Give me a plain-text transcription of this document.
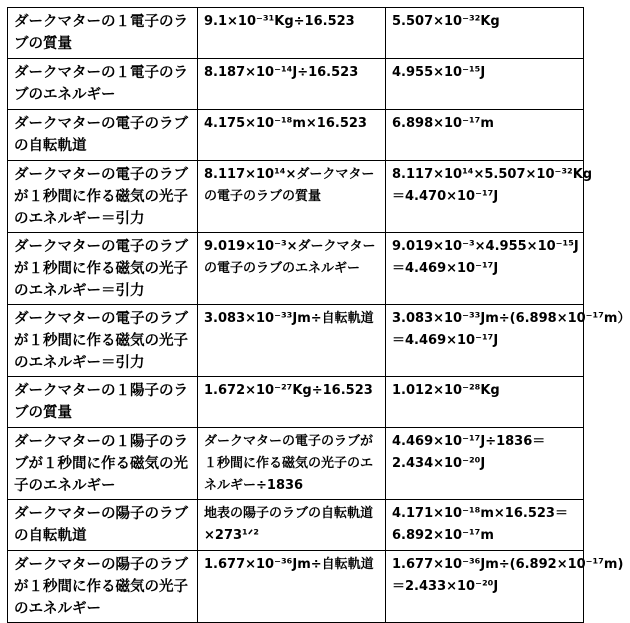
ダークマターの１電子のラブの質量	9.1×10⁻³¹Kg÷16.523	5.507×10⁻³²Kg
ダークマターの１電子のラブのエネルギー	8.187×10⁻¹⁴J÷16.523	4.955×10⁻¹⁵J
ダークマターの電子のラブの自転軌道	4.175×10⁻¹⁸m×16.523	6.898×10⁻¹⁷m
ダークマターの電子のラブが１秒間に作る磁気の光子のエネルギー＝引力	8.117×10¹⁴×ダークマターの電子のラブの質量	8.117×10¹⁴×5.507×10⁻³²Kg＝4.470×10⁻¹⁷J
ダークマターの電子のラブが１秒間に作る磁気の光子のエネルギー＝引力	9.019×10⁻³×ダークマターの電子のラブのエネルギー	9.019×10⁻³×4.955×10⁻¹⁵J＝4.469×10⁻¹⁷J
ダークマターの電子のラブが１秒間に作る磁気の光子のエネルギー＝引力	3.083×10⁻³³Jm÷自転軌道	3.083×10⁻³³Jm÷(6.898×10⁻¹⁷m）＝4.469×10⁻¹⁷J
ダークマターの１陽子のラブの質量	1.672×10⁻²⁷Kg÷16.523	1.012×10⁻²⁸Kg
ダークマターの１陽子のラブが１秒間に作る磁気の光子のエネルギー	ダークマターの電子のラブが１秒間に作る磁気の光子のエネルギー÷1836	4.469×10⁻¹⁷J÷1836＝2.434×10⁻²⁰J
ダークマターの陽子のラブの自転軌道	地表の陽子のラブの自転軌道×273¹ᐟ²	4.171×10⁻¹⁸m×16.523＝6.892×10⁻¹⁷m
ダークマターの陽子のラブが１秒間に作る磁気の光子のエネルギー	1.677×10⁻³⁶Jm÷自転軌道	1.677×10⁻³⁶Jm÷(6.892×10⁻¹⁷m)＝2.433×10⁻²⁰J
